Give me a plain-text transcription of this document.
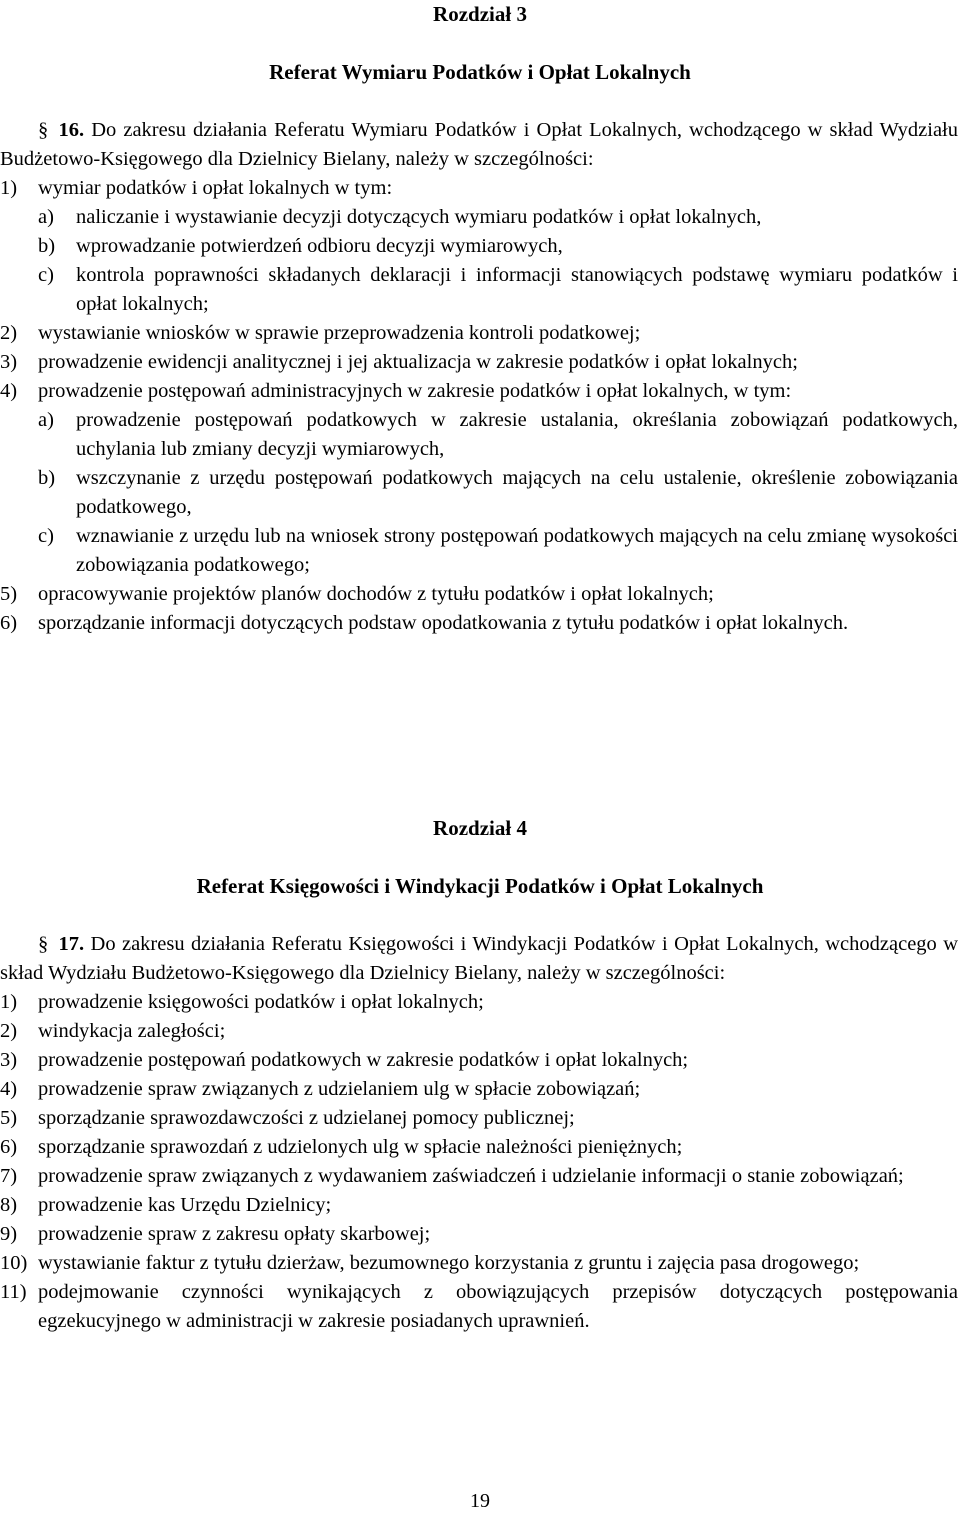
Rozdział 3

Referat Wymiaru Podatków i Opłat Lokalnych

§ 16. Do zakresu działania Referatu Wymiaru Podatków i Opłat Lokalnych, wchodzącego w skład Wydziału Budżetowo-Księgowego dla Dzielnicy Bielany, należy w szczególności:

1)	wymiar podatków i opłat lokalnych w tym:
a)	naliczanie i wystawianie decyzji dotyczących wymiaru podatków i opłat lokalnych,
b)	wprowadzanie potwierdzeń odbioru decyzji wymiarowych,
c)	kontrola poprawności składanych deklaracji i informacji stanowiących podstawę wymiaru podatków i opłat lokalnych;
2)	wystawianie wniosków w sprawie przeprowadzenia kontroli podatkowej;
3)	prowadzenie ewidencji analitycznej i jej aktualizacja w zakresie podatków i opłat lokalnych;
4)	prowadzenie postępowań administracyjnych w zakresie podatków i opłat lokalnych, w tym:
a)	prowadzenie postępowań podatkowych w zakresie ustalania, określania zobowiązań podatkowych, uchylania lub zmiany decyzji wymiarowych,
b)	wszczynanie z urzędu postępowań podatkowych mających na celu ustalenie, określenie zobowiązania podatkowego,
c)	wznawianie z urzędu lub na wniosek strony postępowań podatkowych mających na celu zmianę wysokości zobowiązania podatkowego;
5)	opracowywanie projektów planów dochodów z tytułu podatków i opłat lokalnych;
6)	sporządzanie informacji dotyczących podstaw opodatkowania z tytułu podatków i opłat lokalnych.

Rozdział 4

Referat Księgowości i Windykacji Podatków i Opłat Lokalnych

§ 17. Do zakresu działania Referatu Księgowości i Windykacji Podatków i Opłat Lokalnych, wchodzącego w skład Wydziału Budżetowo-Księgowego dla Dzielnicy Bielany, należy w szczególności:

1)	prowadzenie księgowości podatków i opłat lokalnych;
2)	windykacja zaległości;
3)	prowadzenie postępowań podatkowych w zakresie podatków i opłat lokalnych;
4)	prowadzenie spraw związanych z udzielaniem ulg w spłacie zobowiązań;
5)	sporządzanie sprawozdawczości z udzielanej pomocy publicznej;
6)	sporządzanie sprawozdań z udzielonych ulg w spłacie należności pieniężnych;
7)	prowadzenie spraw związanych z wydawaniem zaświadczeń i udzielanie informacji o stanie zobowiązań;
8)	prowadzenie kas Urzędu Dzielnicy;
9)	prowadzenie spraw z zakresu opłaty skarbowej;
10) wystawianie faktur z tytułu dzierżaw, bezumownego korzystania z gruntu i zajęcia pasa drogowego;
11) podejmowanie czynności wynikających z obowiązujących przepisów dotyczących postępowania egzekucyjnego w administracji w zakresie posiadanych uprawnień.
19
